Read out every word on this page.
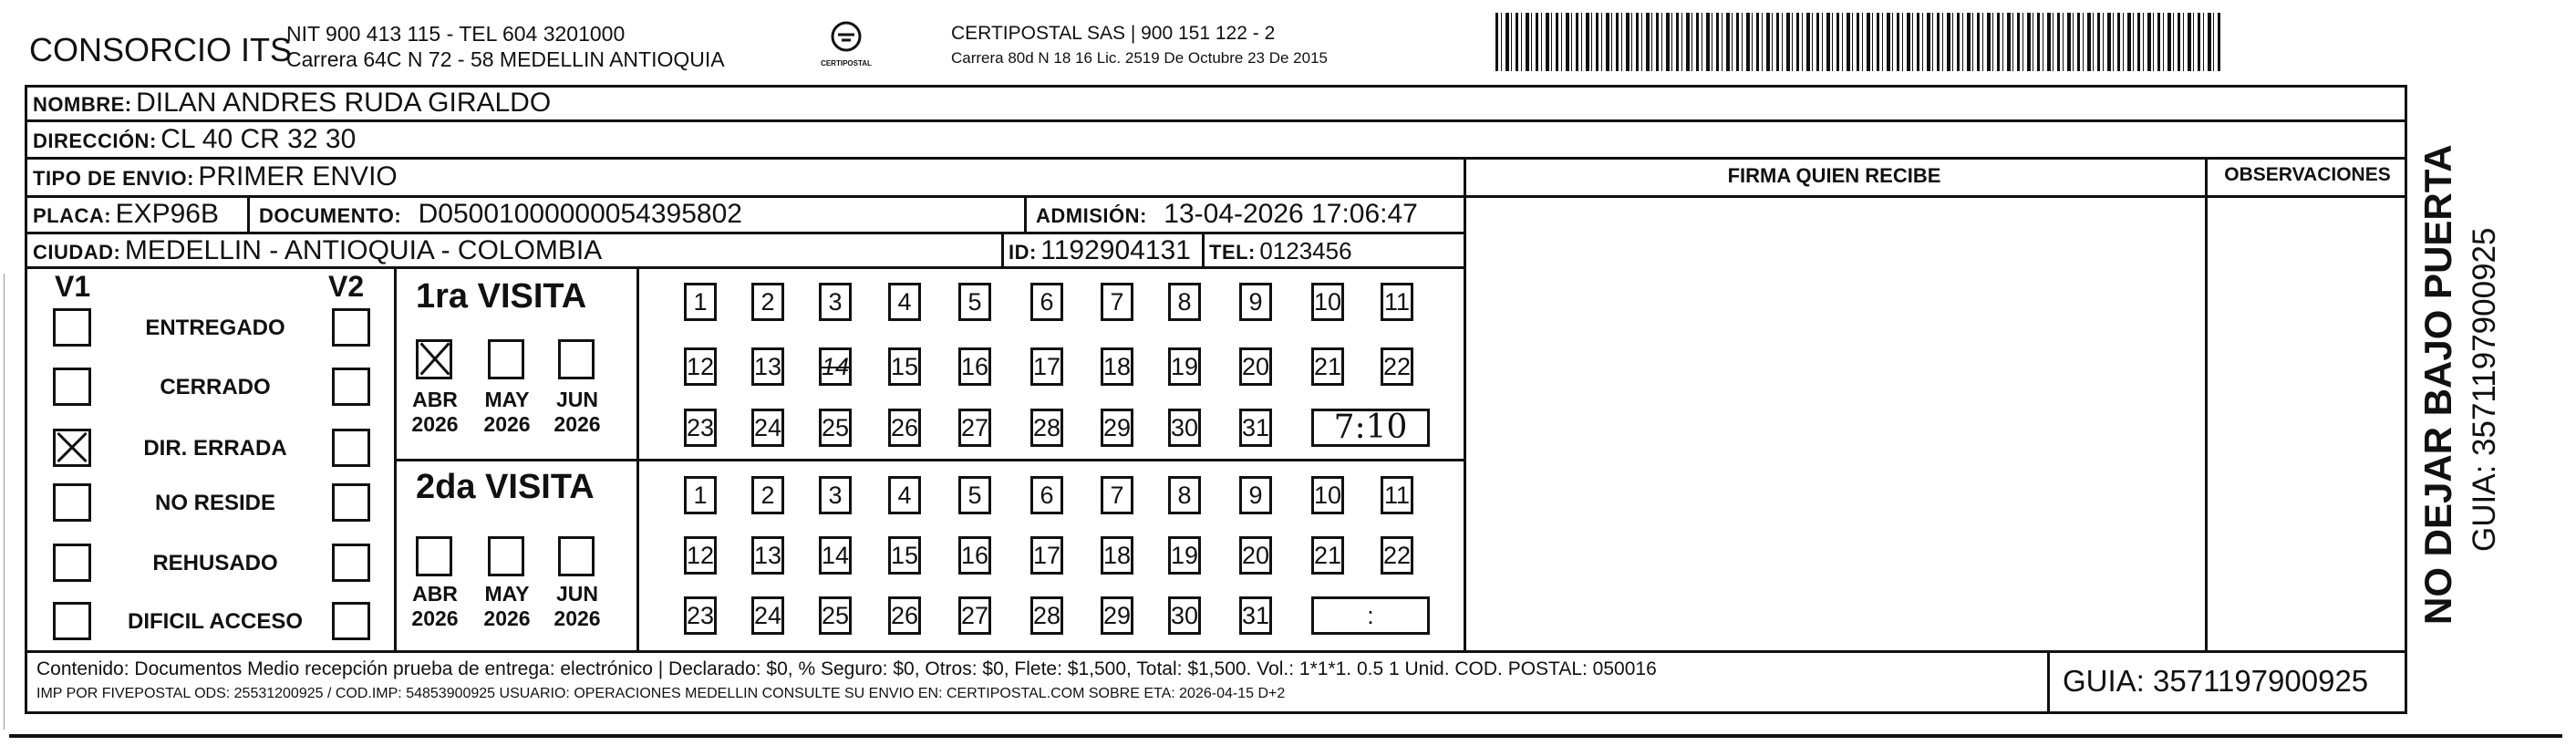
CONSORCIO ITS
NIT 900 413 115 - TEL 604 3201000
Carrera 64C N 72 - 58 MEDELLIN ANTIOQUIA	CERTIPOSTAL
CERTIPOSTAL SAS | 900 151 122 - 2
Carrera 80d N 18 16 Lic. 2519 De Octubre 23 De 2015
NOMBRE: DILAN ANDRES RUDA GIRALDO
DIRECCIÓN: CL 40 CR 32 30
TIPO DE ENVIO: PRIMER ENVIO	FIRMA QUIEN RECIBE	OBSERVACIONES
PLACA: EXP96B DOCUMENTO: D05001000000054395802	ADMISIÓN: 13-04-2026 17:06:47
CIUDAD: MEDELLIN - ANTIOQUIA - COLOMBIA	ID: 1192904131 TEL: 0123456
V1	V2
ENTREGADO
CERRADO
DIR. ERRADA
NO RESIDE
REHUSADO
DIFICIL ACCESO
1ra VISITA
2da VISITA
ABR
2026
MAY
2026
JUN
2026
ABR
2026
MAY
2026
JUN
2026
1	2	3	4	5	6	7	8	9	10 11
12 13 14 15 16 17 18 19 20 21 22
23 24 25 26 27 28 29 30 31	7:10
1	2	3	4	5	6	7	8	9	10 11
12 13 14 15 16 17 18 19 20 21 22
23 24 25 26 27 28 29 30 31	:
Contenido: Documentos Medio recepción prueba de entrega: electrónico | Declarado: $0, % Seguro: $0, Otros: $0, Flete: $1,500, Total: $1,500. Vol.: 1*1*1. 0.5 1 Unid. COD. POSTAL: 050016
IMP POR FIVEPOSTAL ODS: 25531200925 / COD.IMP: 54853900925 USUARIO: OPERACIONES MEDELLIN CONSULTE SU ENVIO EN: CERTIPOSTAL.COM SOBRE ETA: 2026-04-15 D+2	GUIA: 3571197900925
NO DEJAR BAJO PUERTA GUIA: 3571197900925
